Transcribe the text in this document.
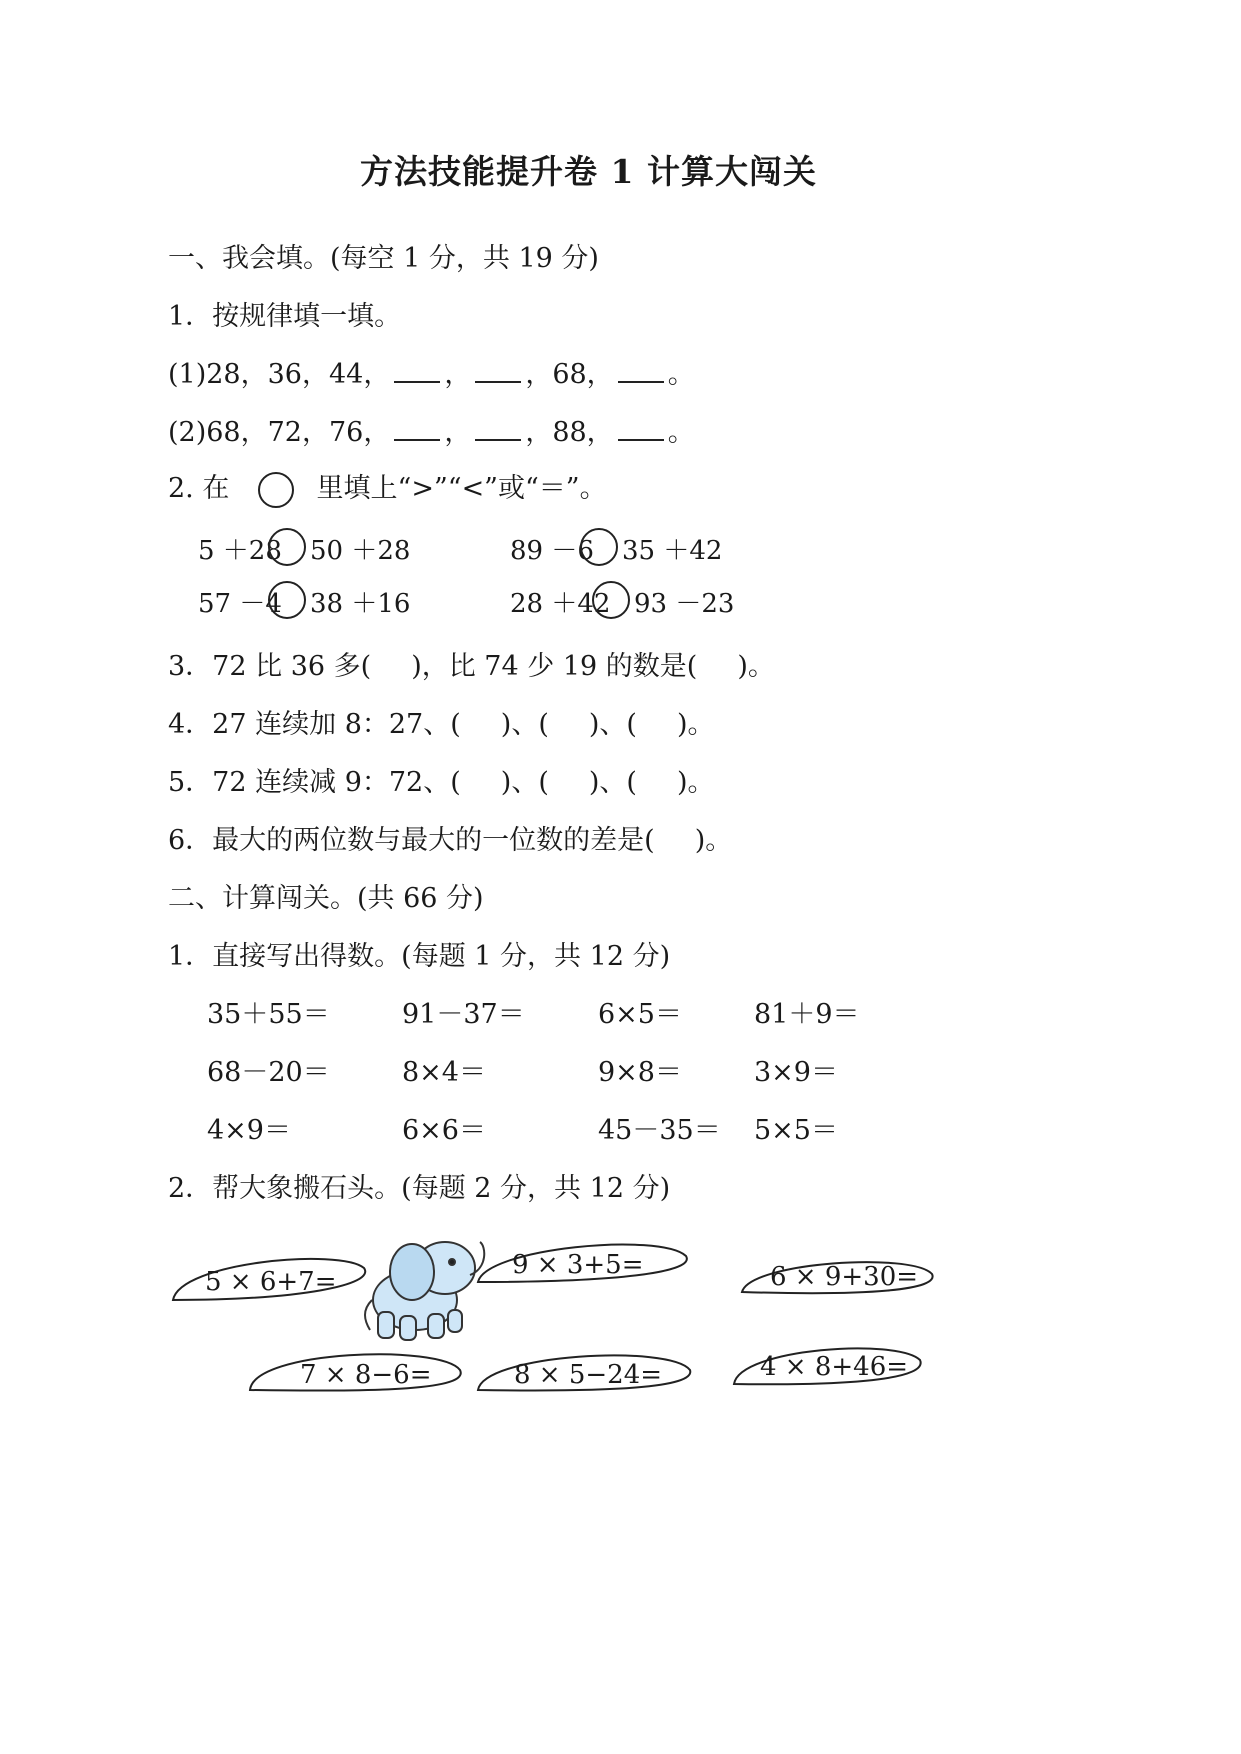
方法技能提升卷 1 计算大闯关
一、我会填。(每空 1 分，共 19 分)
1．按规律填一填。
(1)28，36，44， ， ，68， 。
(2)68，72，76， ， ，88， 。
2. 在	里填上“>”“<”或“＝”。
5 ＋28 50 ＋28	89 －6 35 ＋42
57 －4 38 ＋16	28 ＋42 93 －23
3．72 比 36 多( )，比 74 少 19 的数是( )。
4．27 连续加 8：27、( )、( )、( )。
5．72 连续减 9：72、( )、( )、( )。
6．最大的两位数与最大的一位数的差是( )。
二、计算闯关。(共 66 分)
1．直接写出得数。(每题 1 分，共 12 分)
35＋55＝	91－37＝	6×5＝	81＋9＝
68－20＝	8×4＝	9×8＝	3×9＝
4×9＝	6×6＝	45－35＝ 5×5＝
2．帮大象搬石头。(每题 2 分，共 12 分)
5 × 6+7=
9 × 3+5=	6 × 9+30=
7 × 8−6=	8 × 5−24=	4 × 8+46=
